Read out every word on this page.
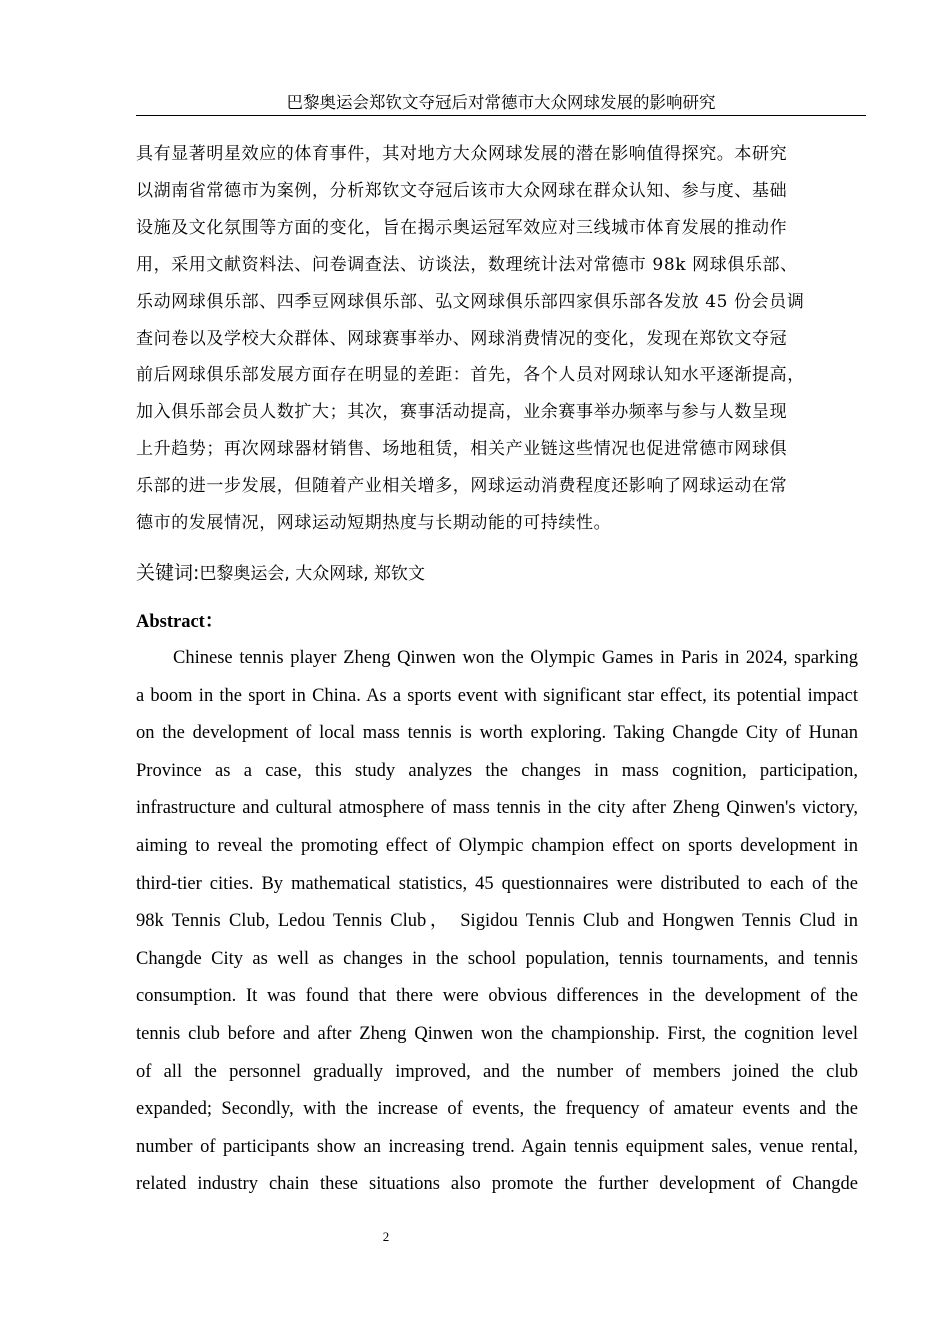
巴黎奥运会郑钦文夺冠后对常德市大众网球发展的影响研究
具有显著明星效应的体育事件，其对地方大众网球发展的潜在影响值得探究。本研究
以湖南省常德市为案例，分析郑钦文夺冠后该市大众网球在群众认知、参与度、基础
设施及文化氛围等方面的变化，旨在揭示奥运冠军效应对三线城市体育发展的推动作
用，采用文献资料法、问卷调查法、访谈法，数理统计法对常德市 98k 网球俱乐部、
乐动网球俱乐部、四季豆网球俱乐部、弘文网球俱乐部四家俱乐部各发放 45 份会员调
查问卷以及学校大众群体、网球赛事举办、网球消费情况的变化，发现在郑钦文夺冠
前后网球俱乐部发展方面存在明显的差距：首先，各个人员对网球认知水平逐渐提高，
加入俱乐部会员人数扩大；其次，赛事活动提高，业余赛事举办频率与参与人数呈现
上升趋势；再次网球器材销售、场地租赁，相关产业链这些情况也促进常德市网球俱
乐部的进一步发展，但随着产业相关增多，网球运动消费程度还影响了网球运动在常
德市的发展情况，网球运动短期热度与长期动能的可持续性。
关键词:巴黎奥运会, 大众网球, 郑钦文
Abstract：
Chinese tennis player Zheng Qinwen won the Olympic Games in Paris in 2024, sparking
a boom in the sport in China. As a sports event with significant star effect, its potential impact
on the development of local mass tennis is worth exploring. Taking Changde City of Hunan
Province as a case, this study analyzes the changes in mass cognition, participation,
infrastructure and cultural atmosphere of mass tennis in the city after Zheng Qinwen's victory,
aiming to reveal the promoting effect of Olympic champion effect on sports development in
third-tier cities. By mathematical statistics, 45 questionnaires were distributed to each of the
98k Tennis Club, Ledou Tennis Club， Sigidou Tennis Club and Hongwen Tennis Clud in
Changde City as well as changes in the school population, tennis tournaments, and tennis
consumption. It was found that there were obvious differences in the development of the
tennis club before and after Zheng Qinwen won the championship. First, the cognition level
of all the personnel gradually improved, and the number of members joined the club
expanded; Secondly, with the increase of events, the frequency of amateur events and the
number of participants show an increasing trend. Again tennis equipment sales, venue rental,
related industry chain these situations also promote the further development of Changde
2
